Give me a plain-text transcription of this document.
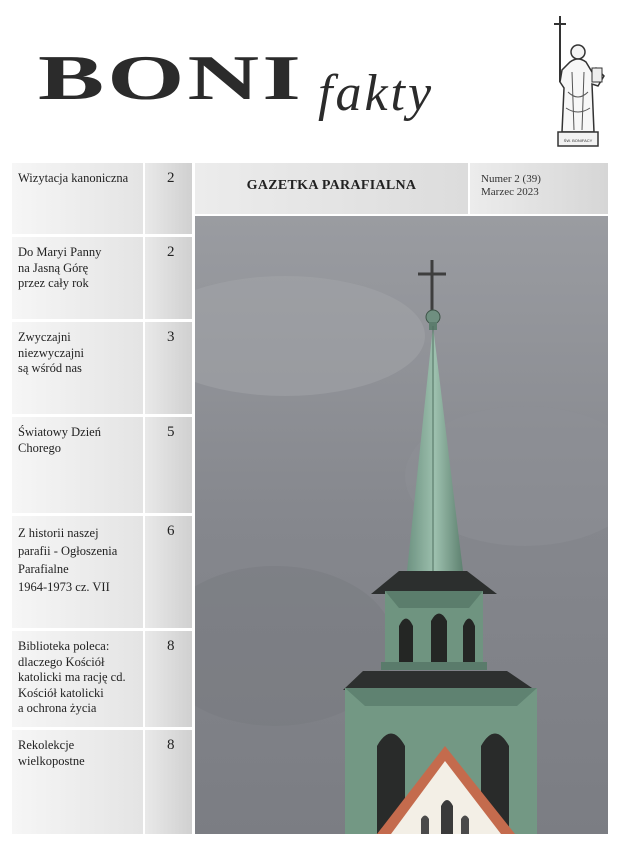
BONI fakty
ŚW. BONIFACY
Wizytacja kanoniczna	2
Do Maryi Panny
na Jasną Górę
przez cały rok
2
Zwyczajni
niezwyczajni
są wśród nas
3
Światowy Dzień
Chorego
5
Z historii naszej
parafii - Ogłoszenia
Parafialne
1964-1973 cz. VII
6
Biblioteka poleca:
dlaczego Kościół
katolicki ma rację cd.
Kościół katolicki
a ochrona życia
8
Rekolekcje
wielkopostne
8
GAZETKA PARAFIALNA	Numer 2 (39)
Marzec 2023
